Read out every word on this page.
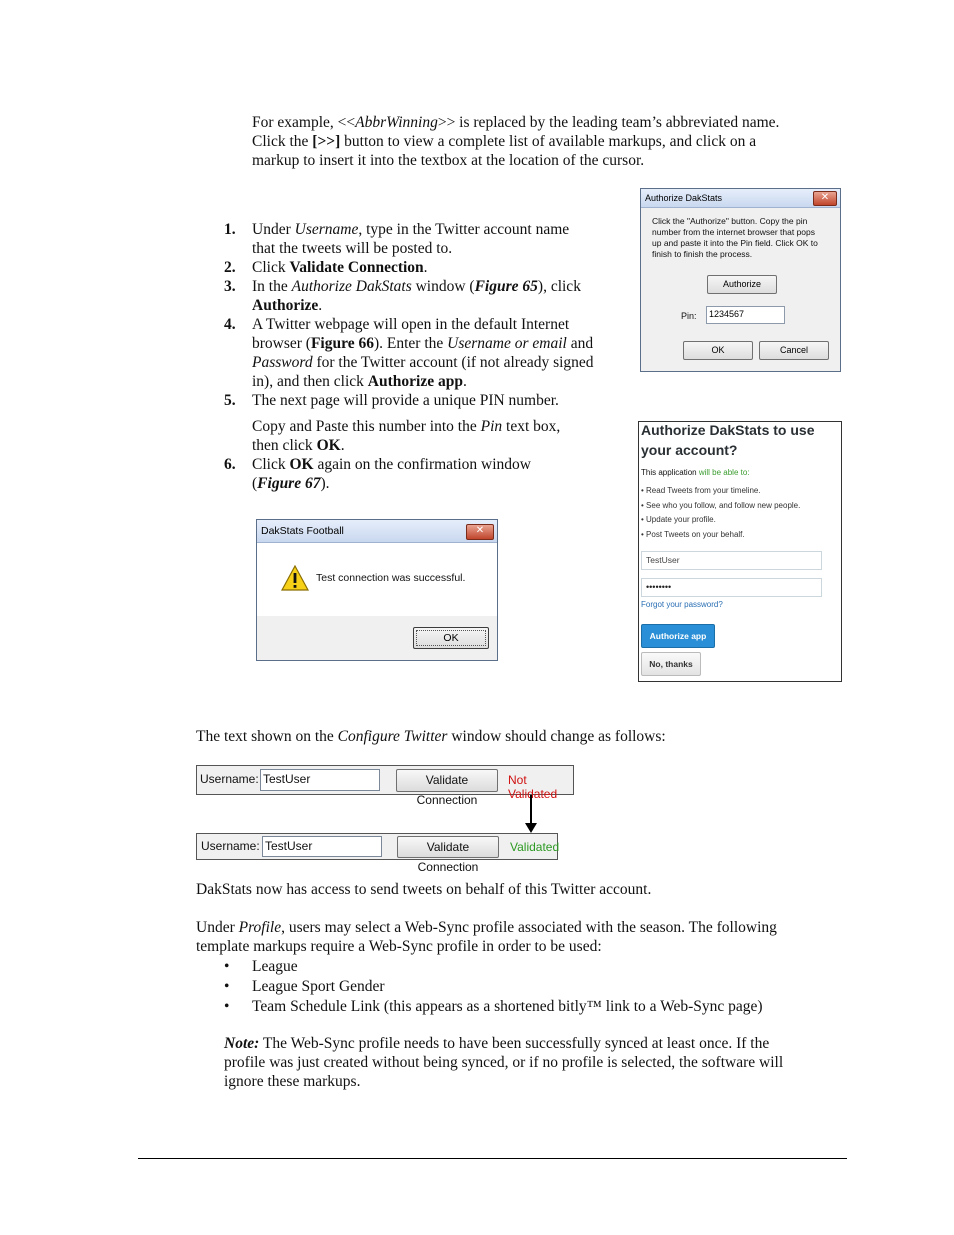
For example, <<AbbrWinning>> is replaced by the leading team’s abbreviated name.
Click the [>>] button to view a complete list of available markups, and click on a
markup to insert it into the textbox at the location of the cursor.
1. Under Username, type in the Twitter account name
that the tweets will be posted to.
2. Click Validate Connection.
3. In the Authorize DakStats window (Figure 65), click
Authorize.
4. A Twitter webpage will open in the default Internet
browser (Figure 66). Enter the Username or email and
Password for the Twitter account (if not already signed
in), and then click Authorize app.
5. The next page will provide a unique PIN number.
Copy and Paste this number into the Pin text box,
then click OK.
6. Click OK again on the confirmation window
(Figure 67).
Authorize DakStats	✕
Click the "Authorize" button. Copy the pin
number from the internet browser that pops
up and paste it into the Pin field. Click OK to
finish to finish the process.
Authorize
Pin:	1234567
OK	Cancel
Authorize DakStats to use
your account?
This application will be able to:
• Read Tweets from your timeline.
• See who you follow, and follow new people.
• Update your profile.
• Post Tweets on your behalf.
TestUser
••••••••
Forgot your password?
Authorize app
No, thanks
DakStats Football	✕
Test connection was successful.
OK
The text shown on the Configure Twitter window should change as follows:
Username: TestUser	Validate Connection
Not Validated
Username: TestUser	Validate Connection
Validated
DakStats now has access to send tweets on behalf of this Twitter account.
Under Profile, users may select a Web-Sync profile associated with the season. The following
template markups require a Web-Sync profile in order to be used:
• League
• League Sport Gender
• Team Schedule Link (this appears as a shortened bitly™ link to a Web-Sync page)
Note: The Web-Sync profile needs to have been successfully synced at least once. If the
profile was just created without being synced, or if no profile is selected, the software will
ignore these markups.
